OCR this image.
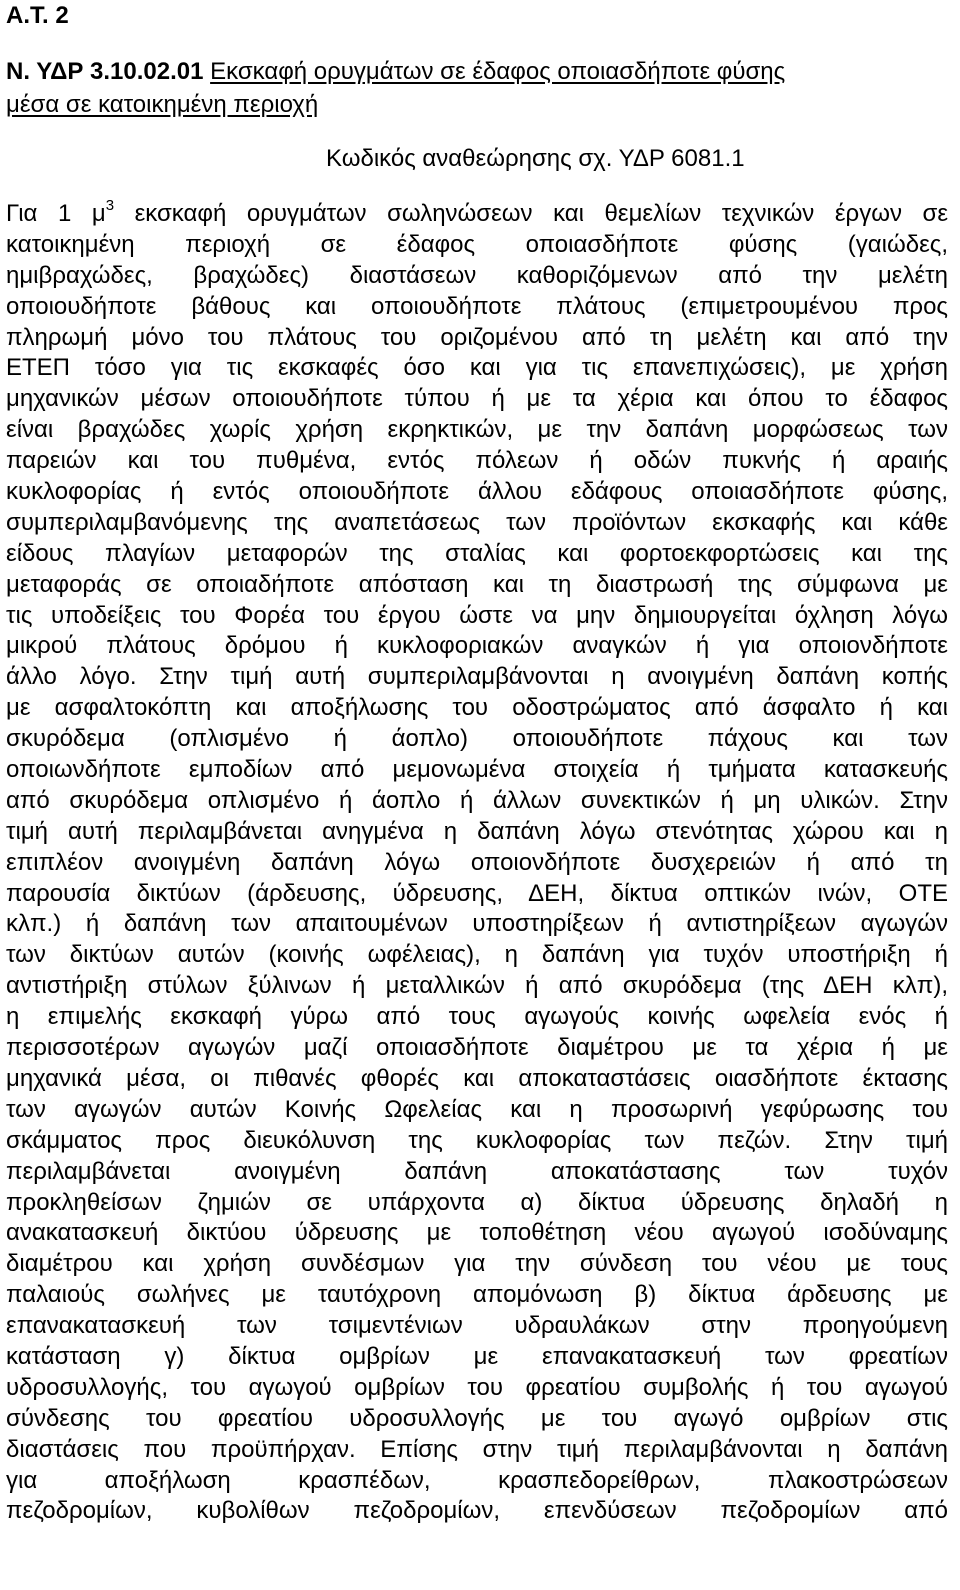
Α.Τ. 2
Ν. ΥΔΡ 3.10.02.01 Εκσκαφή ορυγμάτων σε έδαφος οποιασδήποτε φύσης
μέσα σε κατοικημένη περιοχή
Κωδικός αναθεώρησης σχ. ΥΔΡ 6081.1
Για 1 $\mu^3$ εκσκαφή ορυγμάτων σωληνώσεων και θεμελίων τεχνικών έργων σε
κατοικημένη περιοχή σε έδαφος οποιασδήποτε φύσης (γαιώδες,
ημιβραχώδες, βραχώδες) διαστάσεων καθοριζόμενων από την μελέτη
οποιουδήποτε βάθους και οποιουδήποτε πλάτους (επιμετρουμένου προς
πληρωμή μόνο του πλάτους του οριζομένου από τη μελέτη και από την
ΕΤΕΠ τόσο για τις εκσκαφές όσο και για τις επανεπιχώσεις), με χρήση
μηχανικών μέσων οποιουδήποτε τύπου ή με τα χέρια και όπου το έδαφος
είναι βραχώδες χωρίς χρήση εκρηκτικών, με την δαπάνη μορφώσεως των
παρειών και του πυθμένα, εντός πόλεων ή οδών πυκνής ή αραιής
κυκλοφορίας ή εντός οποιουδήποτε άλλου εδάφους οποιασδήποτε φύσης,
συμπεριλαμβανόμενης της αναπετάσεως των προϊόντων εκσκαφής και κάθε
είδους πλαγίων μεταφορών της σταλίας και φορτοεκφορτώσεις και της
μεταφοράς σε οποιαδήποτε απόσταση και τη διαστρωσή της σύμφωνα με
τις υποδείξεις του Φορέα του έργου ώστε να μην δημιουργείται όχληση λόγω
μικρού πλάτους δρόμου ή κυκλοφοριακών αναγκών ή για οποιονδήποτε
άλλο λόγο. Στην τιμή αυτή συμπεριλαμβάνονται η ανοιγμένη δαπάνη κοπής
με ασφαλτοκόπτη και αποξήλωσης του οδοστρώματος από άσφαλτο ή και
σκυρόδεμα (οπλισμένο ή άοπλο) οποιουδήποτε πάχους και των
οποιωνδήποτε εμποδίων από μεμονωμένα στοιχεία ή τμήματα κατασκευής
από σκυρόδεμα οπλισμένο ή άοπλο ή άλλων συνεκτικών ή μη υλικών. Στην
τιμή αυτή περιλαμβάνεται ανηγμένα η δαπάνη λόγω στενότητας χώρου και η
επιπλέον ανοιγμένη δαπάνη λόγω οποιονδήποτε δυσχερειών ή από τη
παρουσία δικτύων (άρδευσης, ύδρευσης, ΔΕΗ, δίκτυα οπτικών ινών, ΟΤΕ
κλπ.) ή δαπάνη των απαιτουμένων υποστηρίξεων ή αντιστηρίξεων αγωγών
των δικτύων αυτών (κοινής ωφέλειας), η δαπάνη για τυχόν υποστήριξη ή
αντιστήριξη στύλων ξύλινων ή μεταλλικών ή από σκυρόδεμα (της ΔΕΗ κλπ),
η επιμελής εκσκαφή γύρω από τους αγωγούς κοινής ωφελεία ενός ή
περισσοτέρων αγωγών μαζί οποιασδήποτε διαμέτρου με τα χέρια ή με
μηχανικά μέσα, οι πιθανές φθορές και αποκαταστάσεις οιασδήποτε έκτασης
των αγωγών αυτών Κοινής Ωφελείας και η προσωρινή γεφύρωσης του
σκάμματος προς διευκόλυνση της κυκλοφορίας των πεζών. Στην τιμή
περιλαμβάνεται ανοιγμένη δαπάνη αποκατάστασης των τυχόν
προκληθείσων ζημιών σε υπάρχοντα α) δίκτυα ύδρευσης δηλαδή η
ανακατασκευή δικτύου ύδρευσης με τοποθέτηση νέου αγωγού ισοδύναμης
διαμέτρου και χρήση συνδέσμων για την σύνδεση του νέου με τους
παλαιούς σωλήνες με ταυτόχρονη απομόνωση β) δίκτυα άρδευσης με
επανακατασκευή των τσιμεντένιων υδραυλάκων στην προηγούμενη
κατάσταση γ) δίκτυα ομβρίων με επανακατασκευή των φρεατίων
υδροσυλλογής, του αγωγού ομβρίων του φρεατίου συμβολής ή του αγωγού
σύνδεσης του φρεατίου υδροσυλλογής με του αγωγό ομβρίων στις
διαστάσεις που προϋπήρχαν. Επίσης στην τιμή περιλαμβάνονται η δαπάνη
για αποξήλωση κρασπέδων, κρασπεδορείθρων, πλακοστρώσεων
πεζοδρομίων, κυβολίθων πεζοδρομίων, επενδύσεων πεζοδρομίων από
